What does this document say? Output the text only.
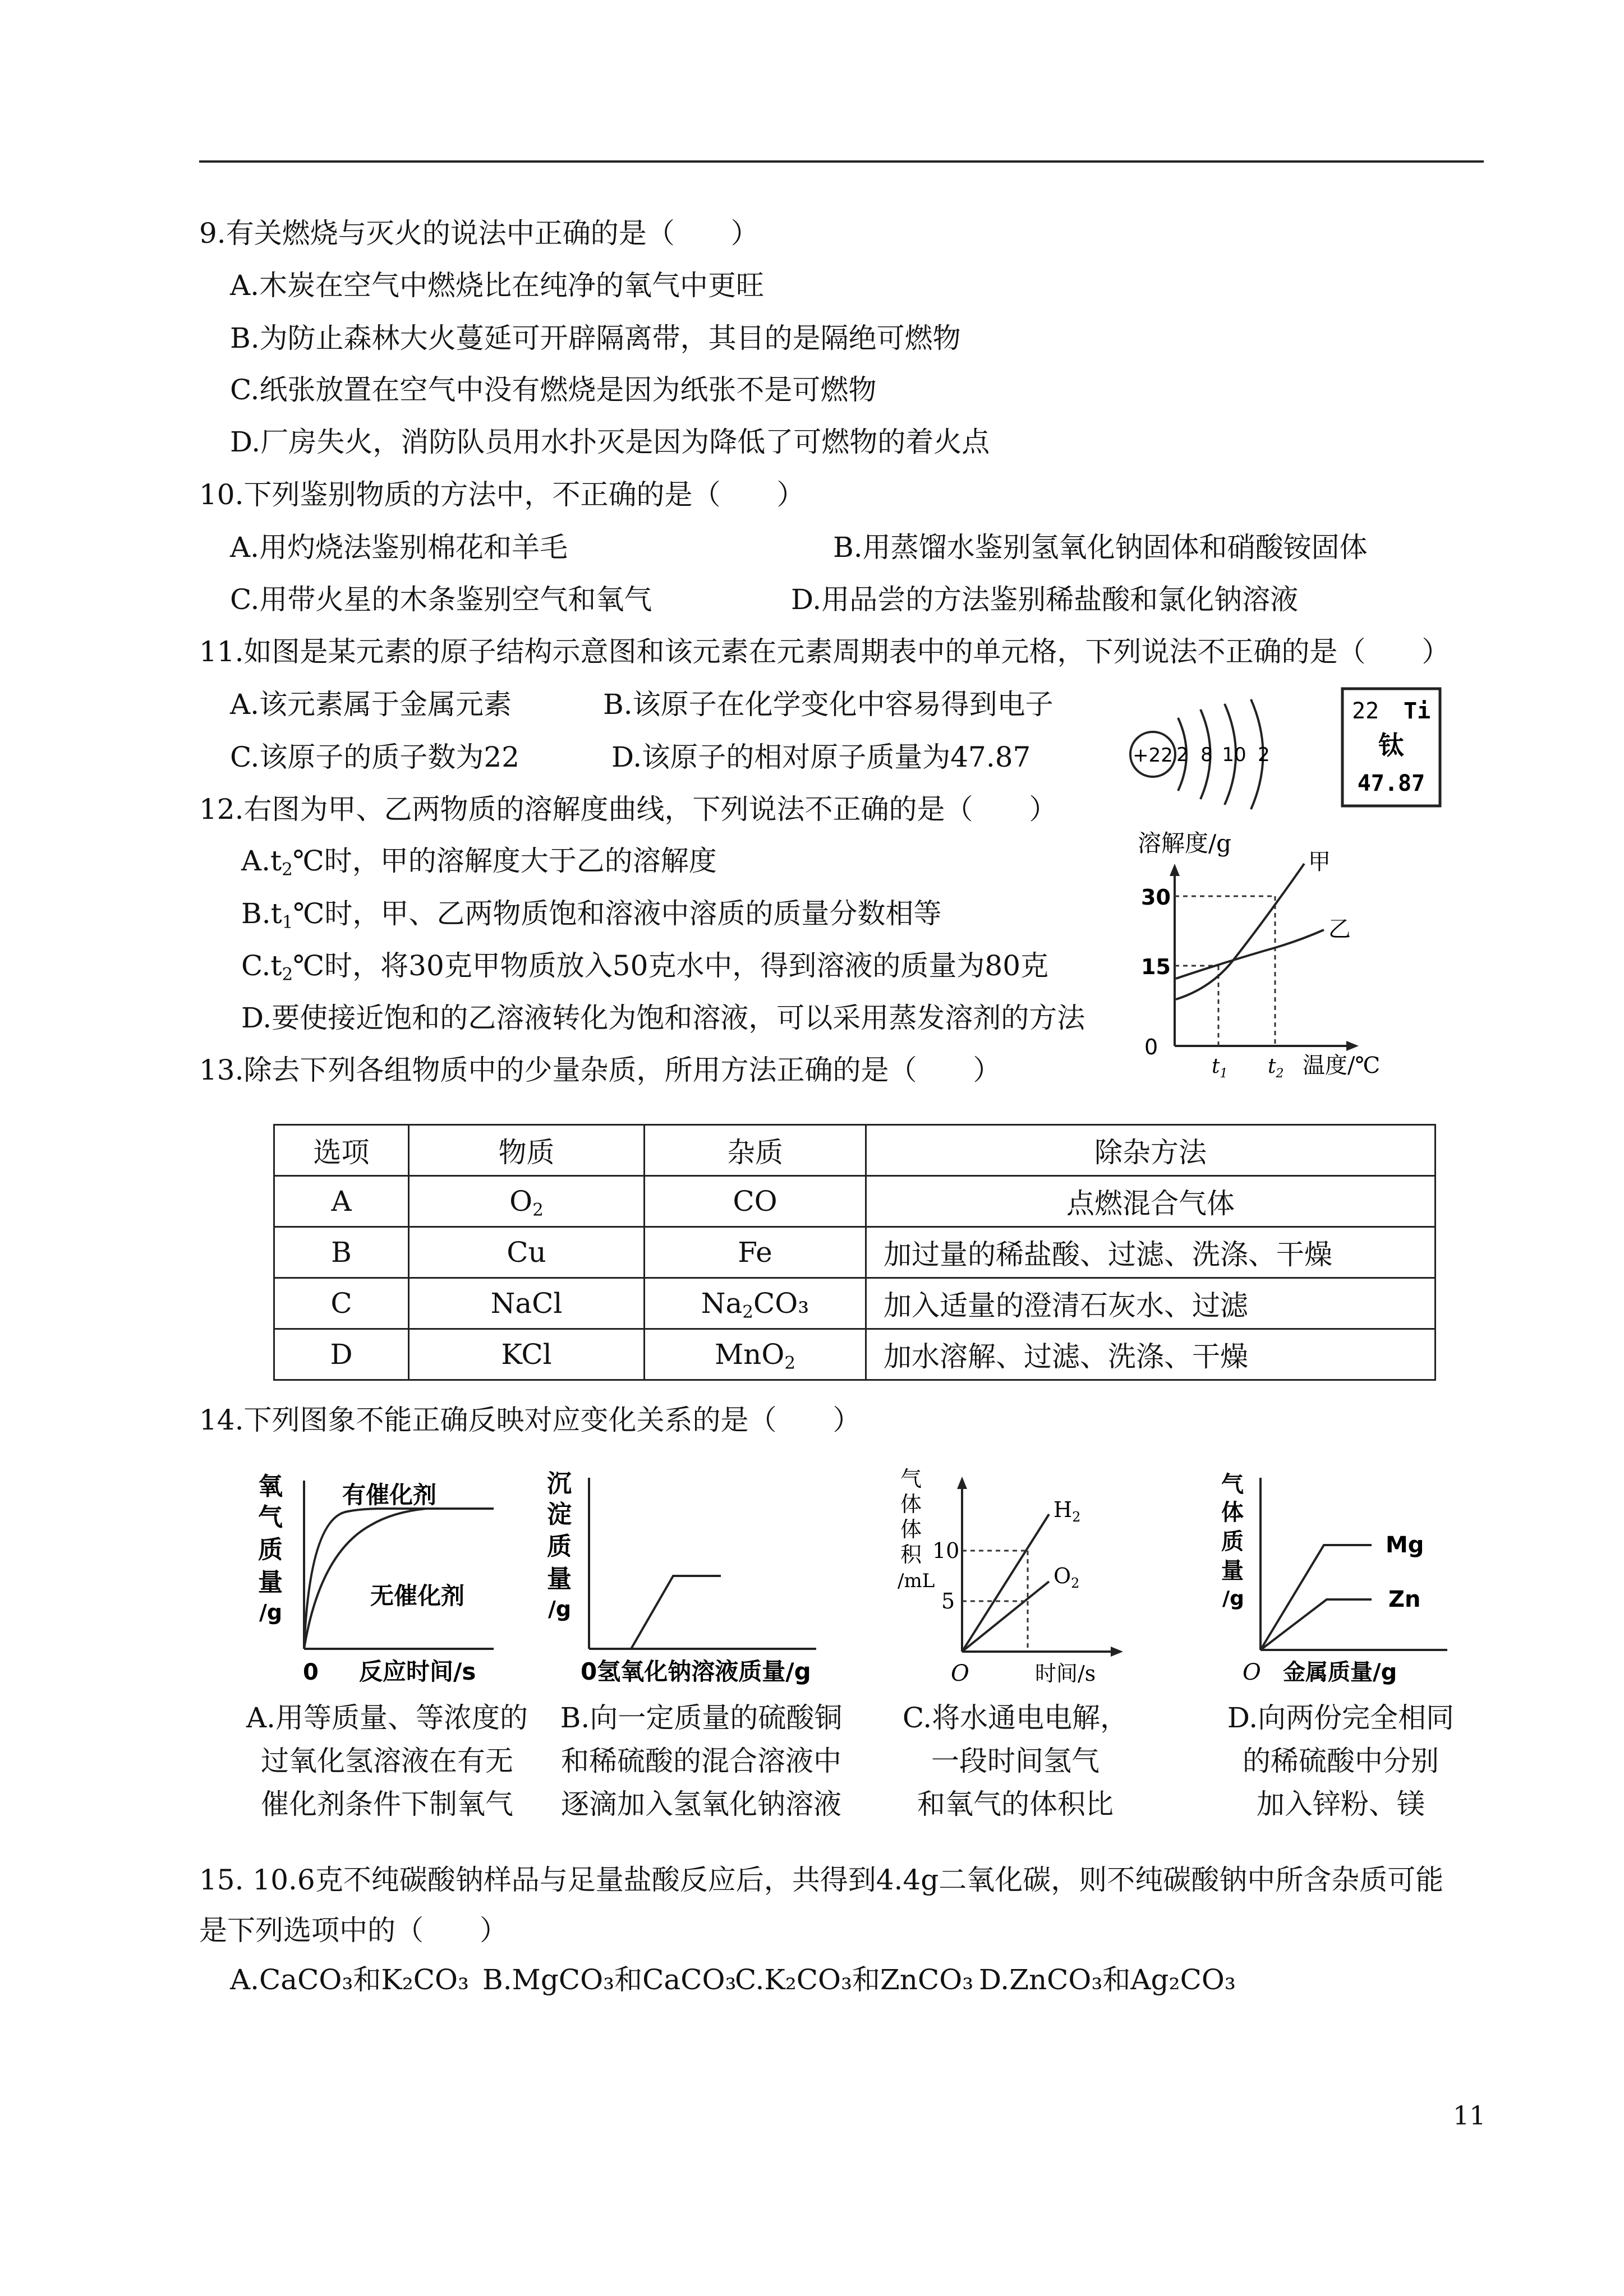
9.有关燃烧与灭火的说法中正确的是（　　）
A.木炭在空气中燃烧比在纯净的氧气中更旺
B.为防止森林大火蔓延可开辟隔离带，其目的是隔绝可燃物
C.纸张放置在空气中没有燃烧是因为纸张不是可燃物
D.厂房失火，消防队员用水扑灭是因为降低了可燃物的着火点
10.下列鉴别物质的方法中，不正确的是（　　）
A.用灼烧法鉴别棉花和羊毛	B.用蒸馏水鉴别氢氧化钠固体和硝酸铵固体
C.用带火星的木条鉴别空气和氧气	D.用品尝的方法鉴别稀盐酸和氯化钠溶液
11.如图是某元素的原子结构示意图和该元素在元素周期表中的单元格，下列说法不正确的是（　　）
A.该元素属于金属元素	B.该原子在化学变化中容易得到电子
C.该原子的质子数为22	D.该原子的相对原子质量为47.87	+22 2 8 10 2
22 Ti
钛
47.87
12.右图为甲、乙两物质的溶解度曲线，下列说法不正确的是（　　）
$A.t_2℃$时，甲的溶解度大于乙的溶解度
$B.t_1℃$时，甲、乙两物质饱和溶液中溶质的质量分数相等
$C.t_2℃$时，将30克甲物质放入50克水中，得到溶液的质量为80克
D.要使接近饱和的乙溶液转化为饱和溶液，可以采用蒸发溶剂的方法
溶解度/g
30
15
0
$t_1$ $t_2$ 温度/℃
甲
乙
13.除去下列各组物质中的少量杂质，所用方法正确的是（　　）
选项	物质	杂质	除杂方法
A	$O_2$	CO	点燃混合气体
B	Cu	Fe	加过量的稀盐酸、过滤、洗涤、干燥
C	NaCl	$Na_2CO_3$	加入适量的澄清石灰水、过滤
D	KCl	MnO$_2$	加水溶解、过滤、洗涤、干燥
14.下列图象不能正确反映对应变化关系的是（　　）
氧
气
质
量
/g
有催化剂
无催化剂
0 反应时间/s
沉
淀
质
量
/g
0氢氧化钠溶液质量/g
气
体
体
积
/mL
10
5
$H_2$
$O_2$
O	时间/s
气
体
质
量
/g
Mg
Zn
O 金属质量/g
A.用等质量、等浓度的
过氧化氢溶液在有无
催化剂条件下制氧气
B.向一定质量的硫酸铜
和稀硫酸的混合溶液中
逐滴加入氢氧化钠溶液
C.将水通电电解，
一段时间氢气
和氧气的体积比
D.向两份完全相同
的稀硫酸中分别
加入锌粉、镁
15. 10.6克不纯碳酸钠样品与足量盐酸反应后，共得到4.4g二氧化碳，则不纯碳酸钠中所含杂质可能
是下列选项中的（　　）
A.CaCO₃和K₂CO₃ B.MgCO₃和CaCO₃
C.K₂CO₃和ZnCO₃ D.ZnCO₃和Ag₂CO₃
11
